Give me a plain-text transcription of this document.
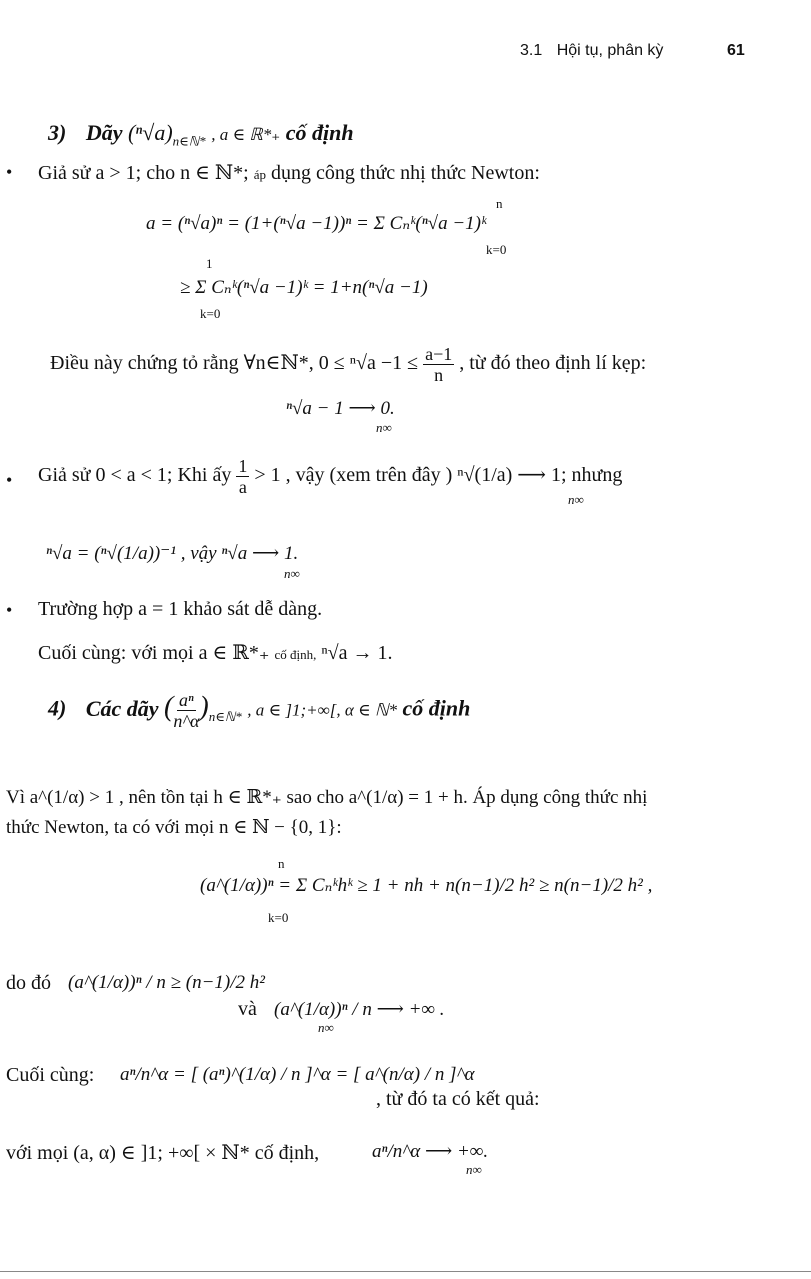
3.1 Hội tụ, phân kỳ	61
3) Dãy $(^n√a)_{n\in ℕ*}$ , a ∈ ℝ*₊ cố định
• Giả sử a > 1; cho n ∈ ℕ*; áp dụng công thức nhị thức Newton:
n
a = (ⁿ√a)ⁿ = (1+(ⁿ√a −1))ⁿ = Σ Cₙᵏ(ⁿ√a −1)ᵏ
k=0
1
≥ Σ Cₙᵏ(ⁿ√a −1)ᵏ = 1+n(ⁿ√a −1)
k=0
Điều này chứng tỏ rằng ∀n∈ℕ*, $0 \le ^n√a -1 \le \frac{a-1}{n}$ , từ đó theo định lí kẹp:
ⁿ√a − 1 ⟶ 0.
n∞
• Giả sử 0 < a < 1; Khi ấy $\frac{1}{a} > 1$ , vậy (xem trên đây ) ⁿ√(1/a) ⟶ 1; nhưng
n∞
ⁿ√a = (ⁿ√(1/a))⁻¹ , vậy ⁿ√a ⟶ 1.
n∞
• Trường hợp a = 1 khảo sát dễ dàng.
Cuối cùng: với mọi a ∈ ℝ*₊ cố định, ⁿ√a → 1.
4) Các dãy ( $\frac{\text{aⁿ}}{n\^{}\alpha} )_{n\in ℕ*}$ , a ∈ ]1;+∞[, α ∈ ℕ* cố định
Vì a^(1/α) > 1 , nên tồn tại h ∈ ℝ*₊ sao cho a^(1/α) = 1 + h. Áp dụng công thức nhị
thức Newton, ta có với mọi n ∈ ℕ − {0, 1}:
n
(a^(1/α))ⁿ = Σ Cₙᵏhᵏ ≥ 1 + nh + n(n−1)/2 h² ≥ n(n−1)/2 h² ,
k=0
do đó (a^(1/α))ⁿ / n ≥ (n−1)/2 h²
và (a^(1/α))ⁿ / n ⟶ +∞ .
n∞
Cuối cùng: aⁿ/n^α = [ (aⁿ)^(1/α) / n ]^α = [ a^(n/α) / n ]^α
, từ đó ta có kết quả:
với mọi (a, α) ∈ ]1; +∞[ × ℕ* cố định,	aⁿ/n^α ⟶ +∞.
n∞
